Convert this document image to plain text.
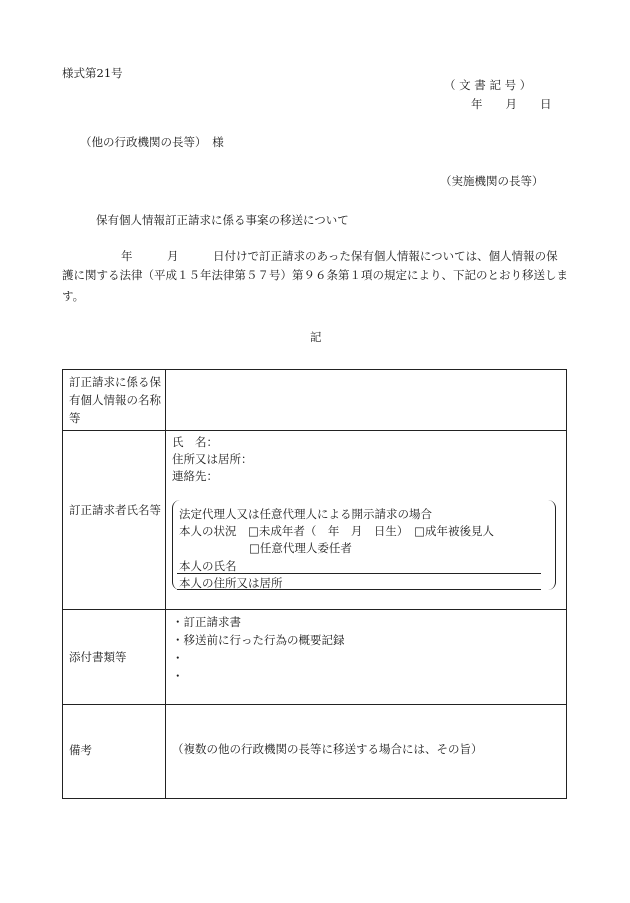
様式第21号
（ 文 書 記 号 ）
年　　月　　日
（他の行政機関の長等）　様
（実施機関の長等）
保有個人情報訂正請求に係る事案の移送について
年　　　月　　　日付けで訂正請求のあった保有個人情報については、個人情報の保
護に関する法律（平成１５年法律第５７号）第９６条第１項の規定により、下記のとおり移送しま
す。
記
訂正請求に係る保有個人情報の名称等
訂正請求者氏名等
氏　名：
住所又は居所：
連絡先：
法定代理人又は任意代理人による開示請求の場合
本人の状況　□未成年者（　年　月　日生）　□成年被後見人
□任意代理人委任者
本人の氏名
本人の住所又は居所
添付書類等
・訂正請求書
・移送前に行った行為の概要記録
・
・
備考	（複数の他の行政機関の長等に移送する場合には、その旨）
